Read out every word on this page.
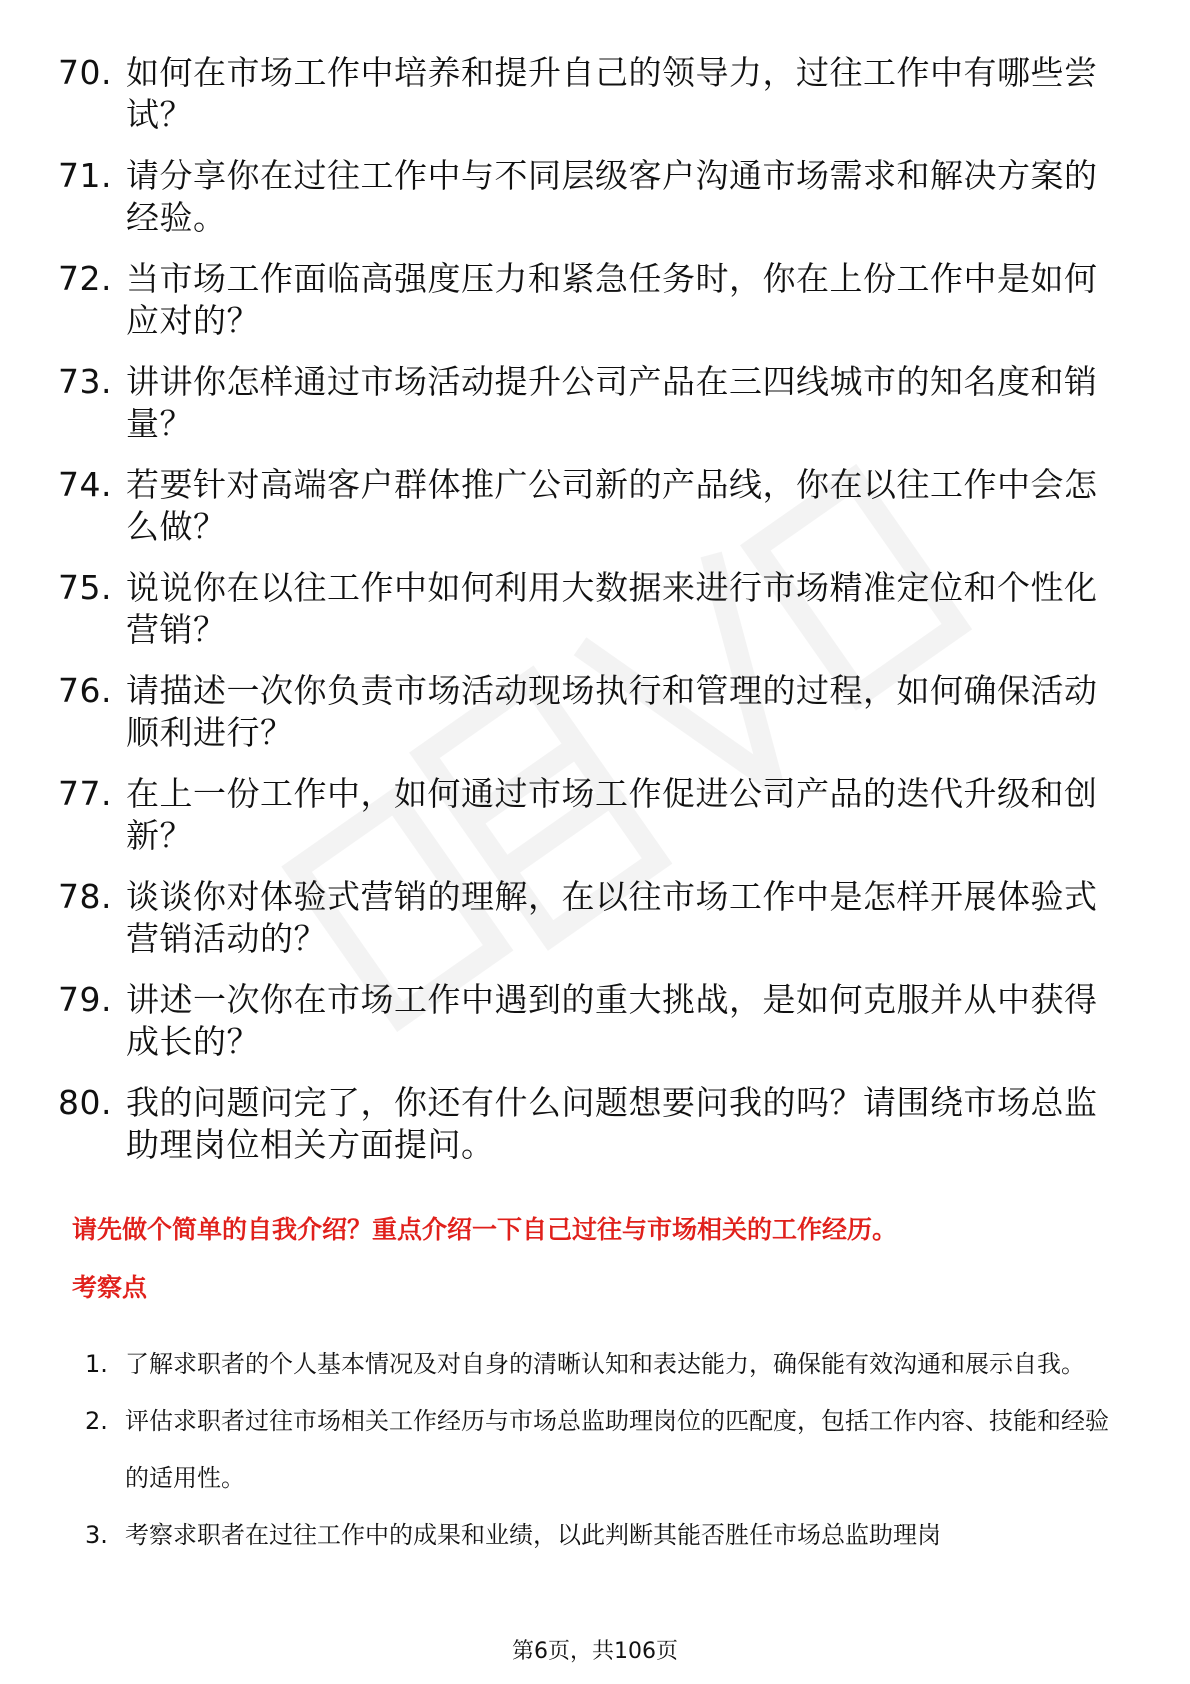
70. 如何在市场工作中培养和提升自己的领导力，过往工作中有哪些尝试？
71. 请分享你在过往工作中与不同层级客户沟通市场需求和解决方案的经验。
72. 当市场工作面临高强度压力和紧急任务时，你在上份工作中是如何应对的？
73. 讲讲你怎样通过市场活动提升公司产品在三四线城市的知名度和销量？
74. 若要针对高端客户群体推广公司新的产品线，你在以往工作中会怎么做？
75. 说说你在以往工作中如何利用大数据来进行市场精准定位和个性化营销？
76. 请描述一次你负责市场活动现场执行和管理的过程，如何确保活动顺利进行？
77. 在上一份工作中，如何通过市场工作促进公司产品的迭代升级和创新？
78. 谈谈你对体验式营销的理解，在以往市场工作中是怎样开展体验式营销活动的？
79. 讲述一次你在市场工作中遇到的重大挑战，是如何克服并从中获得成长的？
80. 我的问题问完了，你还有什么问题想要问我的吗？请围绕市场总监助理岗位相关方面提问。
请先做个简单的自我介绍？重点介绍一下自己过往与市场相关的工作经历。
考察点
1. 了解求职者的个人基本情况及对自身的清晰认知和表达能力，确保能有效沟通和展示自我。
2. 评估求职者过往市场相关工作经历与市场总监助理岗位的匹配度，包括工作内容、技能和经验的适用性。
3. 考察求职者在过往工作中的成果和业绩，以此判断其能否胜任市场总监助理岗
第6页，共106页
